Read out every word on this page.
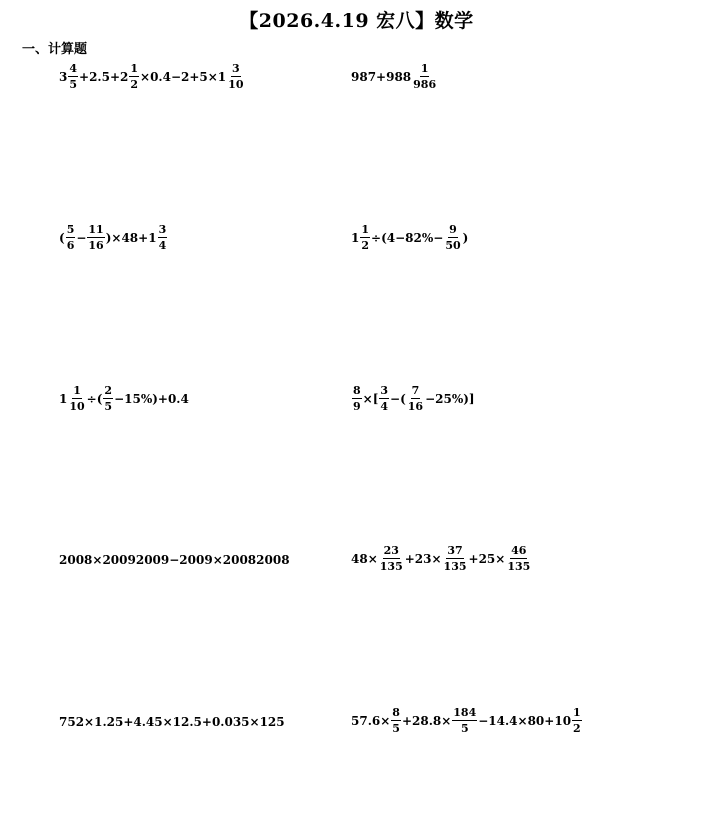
【2026.4.19 宏八】数学
一、计算题
$3 \frac{4}{5} +2.5+2 \frac{1}{2} \times 0.4-2+5\times 1 \frac{3}{10}$	$987+988 \frac{1}{986}$
( $\frac{5}{6} - \frac{11}{16} )\times 48+1 \frac{3}{4}$	$1 \frac{1}{2} \div(4-82\%- \frac{9}{50}$ )
$1 \frac{1}{10}$ ÷( $\frac{2}{5} -15\%)+0.4$	$\frac{8}{9}$ ×[ $\frac{3}{4}$ −( $\frac{7}{16} -25\%$)]
2008×20092009−2009×20082008	$48\times \frac{23}{135} +23\times \frac{37}{135} +25\times \frac{46}{135}$
752×1.25+4.45×12.5+0.035×125	$57.6\times \frac{8}{5} +28.8\times \frac{184}{5} -14.4\times 80+10 \frac{1}{2}$
